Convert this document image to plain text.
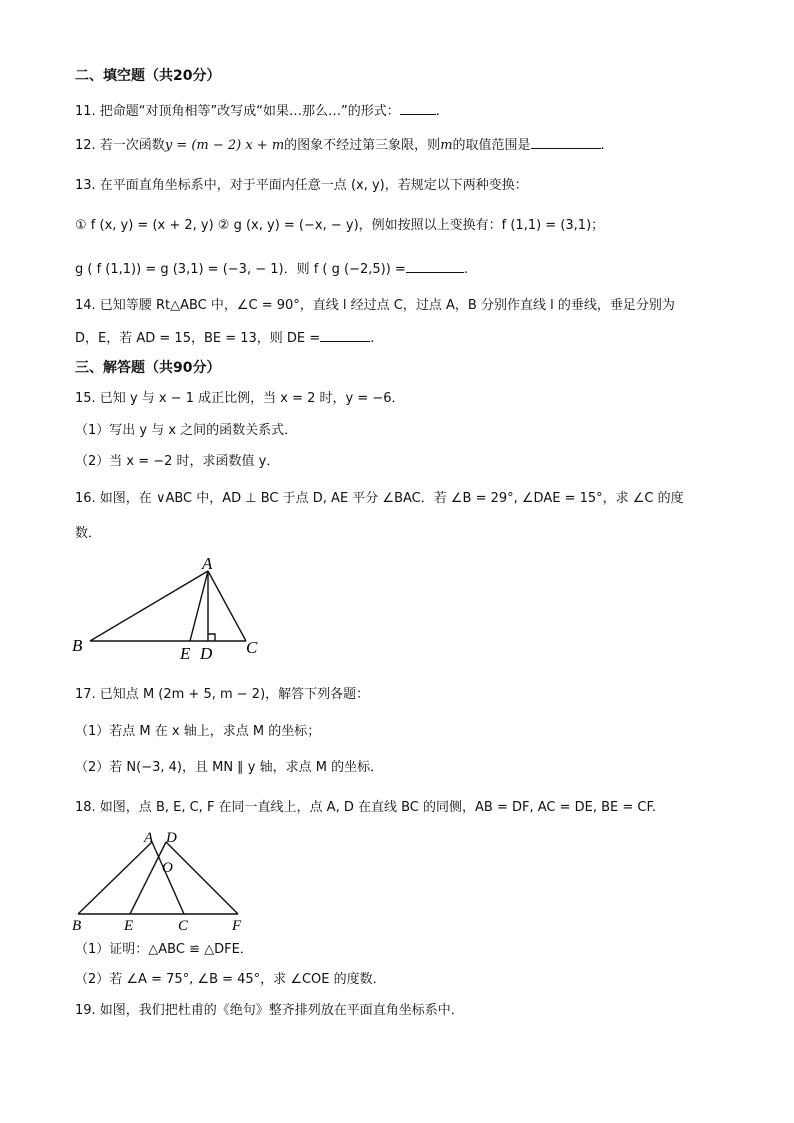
二、填空题（共20分）
11. 把命题“对顶角相等”改写成“如果…那么…”的形式：	.
12. 若一次函数y = (m − 2) x + m的图象不经过第三象限，则m的取值范围是	.
13. 在平面直角坐标系中，对于平面内任意一点 (x, y)，若规定以下两种变换：
① f (x, y) = (x + 2, y) ② g (x, y) = (−x, − y)，例如按照以上变换有：f (1,1) = (3,1)；
g ( f (1,1)) = g (3,1) = (−3, − 1)．则 f ( g (−2,5)) =	.
14. 已知等腰 Rt△ABC 中，∠C = 90°，直线 l 经过点 C，过点 A，B 分别作直线 l 的垂线，垂足分别为
D，E，若 AD = 15，BE = 13，则 DE =	.
三、解答题（共90分）
15. 已知 y 与 x − 1 成正比例，当 x = 2 时，y = −6．
（1）写出 y 与 x 之间的函数关系式．
（2）当 x = −2 时，求函数值 y．
16. 如图，在 ∨ABC 中，AD ⊥ BC 于点 D, AE 平分 ∠BAC．若 ∠B = 29°, ∠DAE = 15°，求 ∠C 的度
数．
A
B	C
E D
17. 已知点 M (2m + 5, m − 2)，解答下列各题：
（1）若点 M 在 x 轴上，求点 M 的坐标；
（2）若 N(−3, 4)，且 MN ∥ y 轴，求点 M 的坐标．
18. 如图，点 B, E, C, F 在同一直线上，点 A, D 在直线 BC 的同侧，AB = DF, AC = DE, BE = CF.
A D
O
B	E	C	F
（1）证明：△ABC ≌ △DFE．
（2）若 ∠A = 75°, ∠B = 45°，求 ∠COE 的度数．
19. 如图，我们把杜甫的《绝句》整齐排列放在平面直角坐标系中．
